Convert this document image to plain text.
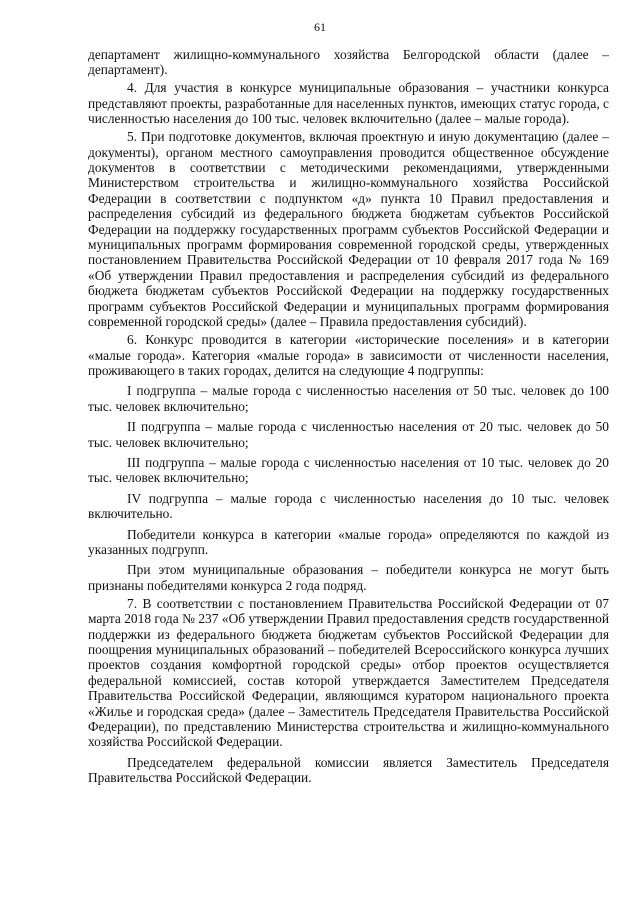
61

департамент жилищно-коммунального хозяйства Белгородской области (далее – департамент).

4. Для участия в конкурсе муниципальные образования – участники конкурса представляют проекты, разработанные для населенных пунктов, имеющих статус города, с численностью населения до 100 тыс. человек включительно (далее – малые города).

5. При подготовке документов, включая проектную и иную документацию (далее – документы), органом местного самоуправления проводится общественное обсуждение документов в соответствии с методическими рекомендациями, утвержденными Министерством строительства и жилищно-коммунального хозяйства Российской Федерации в соответствии с подпунктом «д» пункта 10 Правил предоставления и распределения субсидий из федерального бюджета бюджетам субъектов Российской Федерации на поддержку государственных программ субъектов Российской Федерации и муниципальных программ формирования современной городской среды, утвержденных постановлением Правительства Российской Федерации от 10 февраля 2017 года № 169 «Об утверждении Правил предоставления и распределения субсидий из федерального бюджета бюджетам субъектов Российской Федерации на поддержку государственных программ субъектов Российской Федерации и муниципальных программ формирования современной городской среды» (далее – Правила предоставления субсидий).

6. Конкурс проводится в категории «исторические поселения» и в категории «малые города». Категория «малые города» в зависимости от численности населения, проживающего в таких городах, делится на следующие 4 подгруппы:

I подгруппа – малые города с численностью населения от 50 тыс. человек до 100 тыс. человек включительно;

II подгруппа – малые города с численностью населения от 20 тыс. человек до 50 тыс. человек включительно;

III подгруппа – малые города с численностью населения от 10 тыс. человек до 20 тыс. человек включительно;

IV подгруппа – малые города с численностью населения до 10 тыс. человек включительно.

Победители конкурса в категории «малые города» определяются по каждой из указанных подгрупп.

При этом муниципальные образования – победители конкурса не могут быть признаны победителями конкурса 2 года подряд.

7. В соответствии с постановлением Правительства Российской Федерации от 07 марта 2018 года № 237 «Об утверждении Правил предоставления средств государственной поддержки из федерального бюджета бюджетам субъектов Российской Федерации для поощрения муниципальных образований – победителей Всероссийского конкурса лучших проектов создания комфортной городской среды» отбор проектов осуществляется федеральной комиссией, состав которой утверждается Заместителем Председателя Правительства Российской Федерации, являющимся куратором национального проекта «Жилье и городская среда» (далее – Заместитель Председателя Правительства Российской Федерации), по представлению Министерства строительства и жилищно-коммунального хозяйства Российской Федерации.

Председателем федеральной комиссии является Заместитель Председателя Правительства Российской Федерации.
